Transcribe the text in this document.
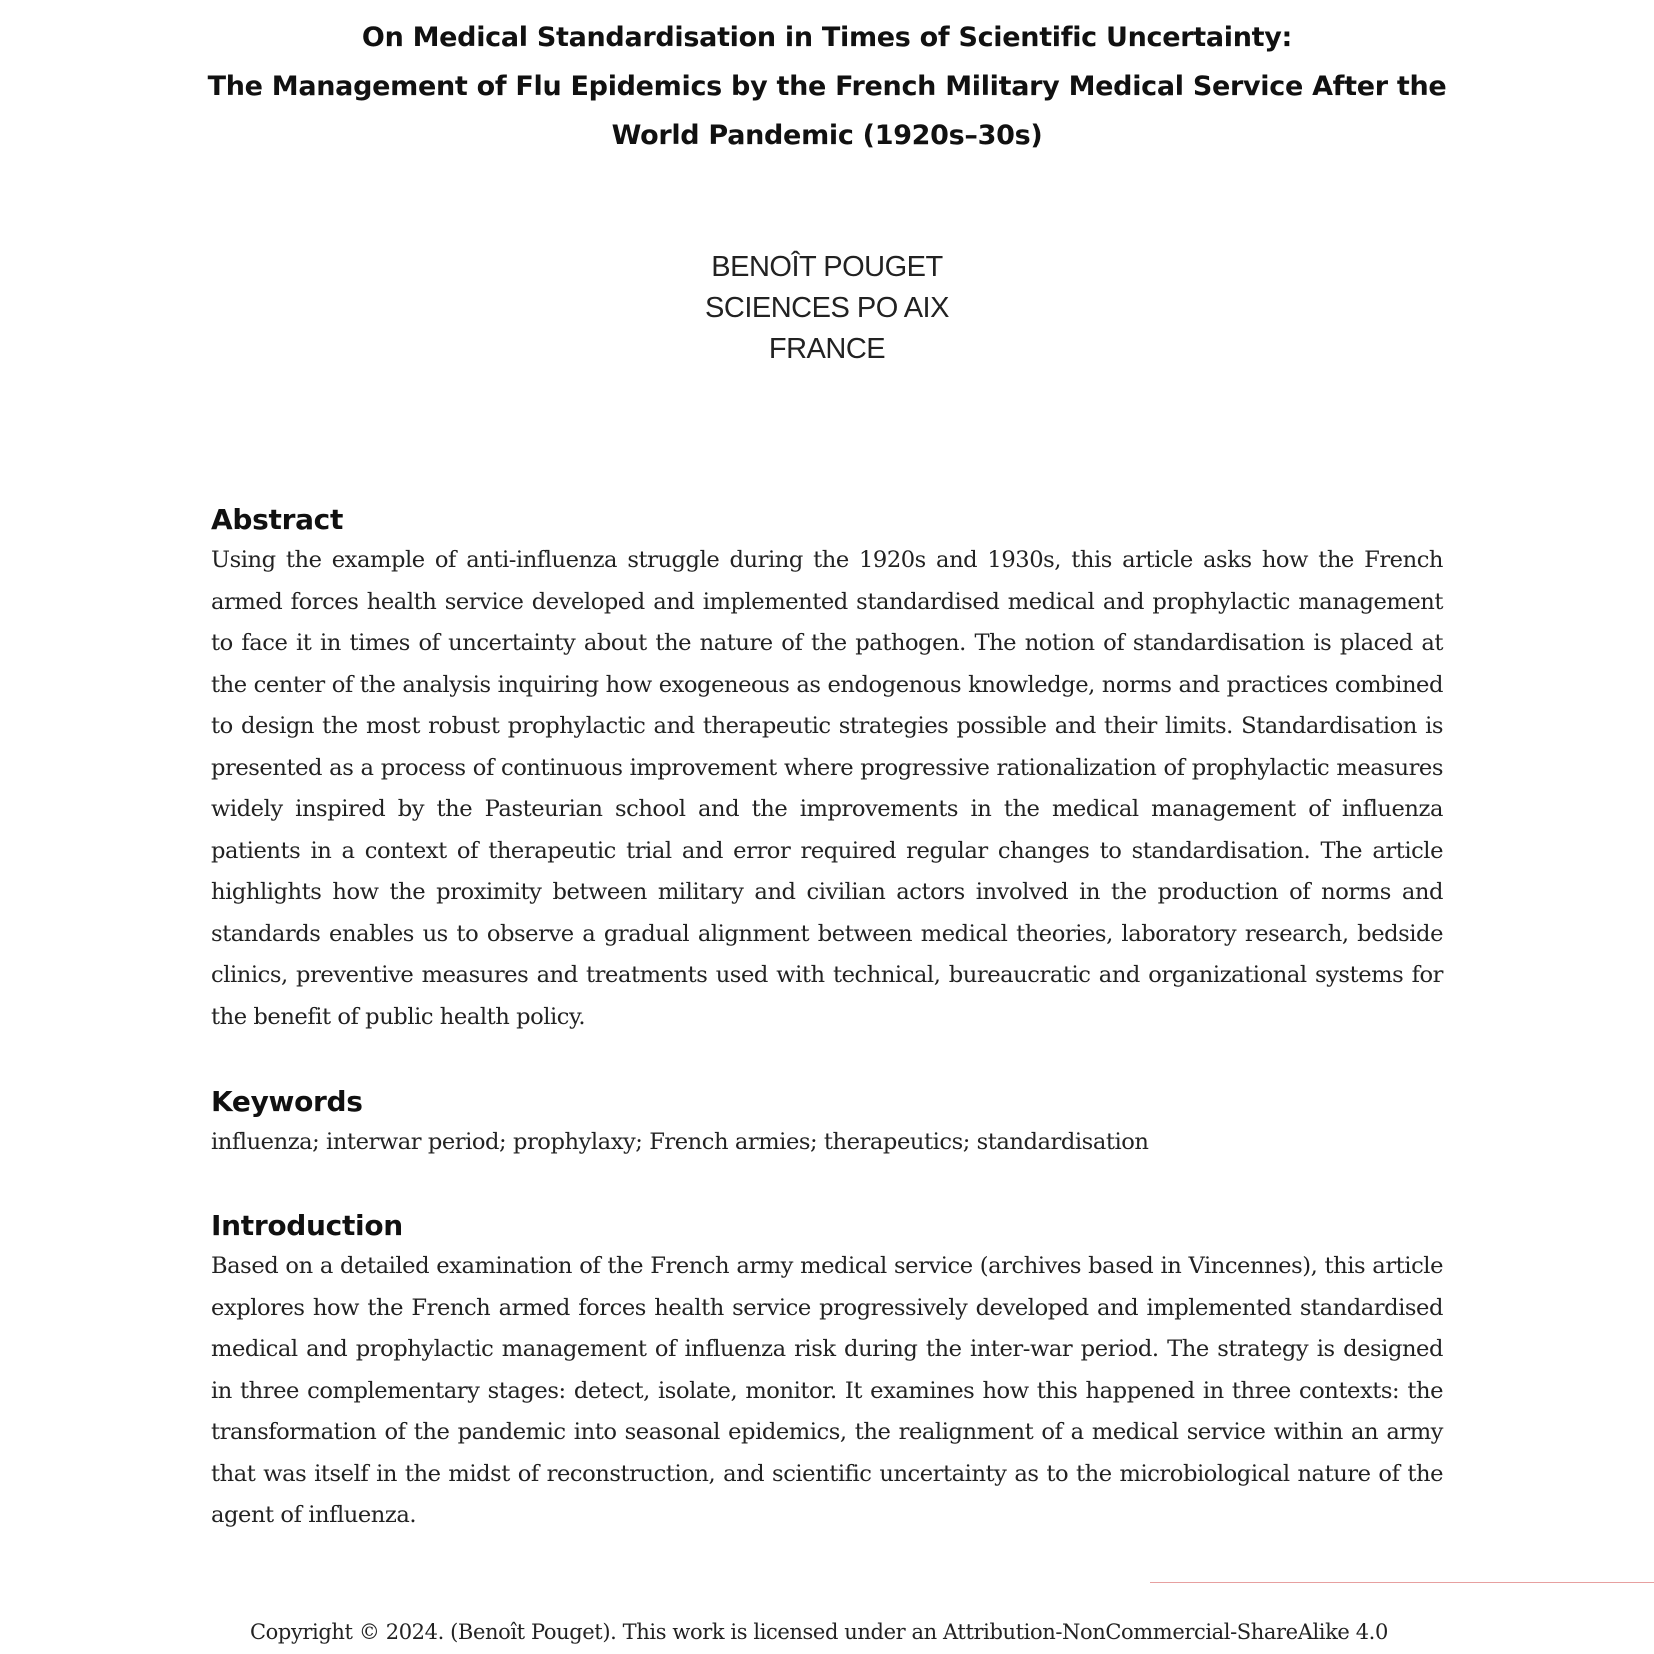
On Medical Standardisation in Times of Scientific Uncertainty:

The Management of Flu Epidemics by the French Military Medical Service After the

World Pandemic (1920s–30s)

BENOÎT POUGET

SCIENCES PO AIX

FRANCE

Abstract

Using the example of anti-influenza struggle during the 1920s and 1930s, this article asks how the French armed forces health service developed and implemented standardised medical and prophylactic management to face it in times of uncertainty about the nature of the pathogen. The notion of standardisation is placed at the center of the analysis inquiring how exogeneous as endogenous knowledge, norms and practices combined to design the most robust prophylactic and therapeutic strategies possible and their limits. Standardisation is presented as a process of continuous improvement where progressive rationalization of prophylactic measures widely inspired by the Pasteurian school and the improvements in the medical management of influenza patients in a context of therapeutic trial and error required regular changes to standardisation. The article highlights how the proximity between military and civilian actors involved in the production of norms and standards enables us to observe a gradual alignment between medical theories, laboratory research, bedside clinics, preventive measures and treatments used with technical, bureaucratic and organizational systems for the benefit of public health policy.

Keywords

influenza; interwar period; prophylaxy; French armies; therapeutics; standardisation

Introduction

Based on a detailed examination of the French army medical service (archives based in Vincennes), this article explores how the French armed forces health service progressively developed and implemented standardised medical and prophylactic management of influenza risk during the inter-war period. The strategy is designed in three complementary stages: detect, isolate, monitor. It examines how this happened in three contexts: the transformation of the pandemic into seasonal epidemics, the realignment of a medical service within an army that was itself in the midst of reconstruction, and scientific uncertainty as to the microbiological nature of the agent of influenza.

Copyright © 2024. (Benoît Pouget). This work is licensed under an Attribution-NonCommercial-ShareAlike 4.0
